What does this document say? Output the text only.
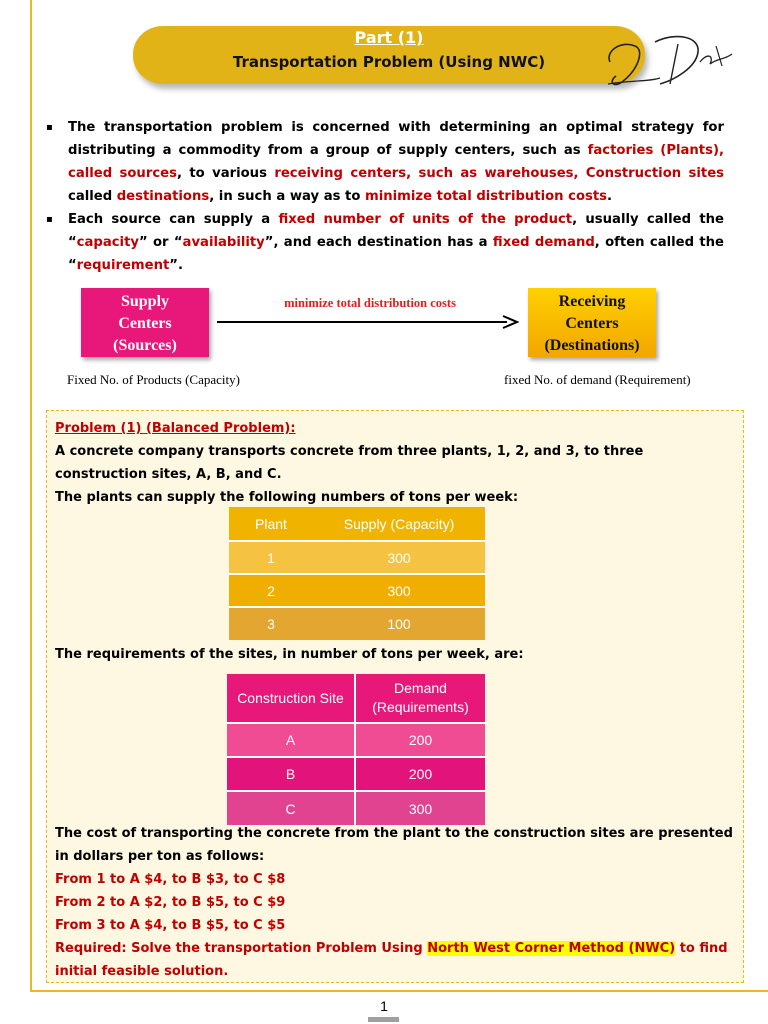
Part (1)
Transportation Problem (Using NWC)
▪	The transportation problem is concerned with determining an optimal strategy for distributing a commodity from a group of supply centers, such as factories (Plants), called sources, to various receiving centers, such as warehouses, Construction sites called destinations, in such a way as to minimize total distribution costs.
▪	Each source can supply a fixed number of units of the product, usually called the “capacity” or “availability”, and each destination has a fixed demand, often called the “requirement”.
Supply
Centers
(Sources)
minimize total distribution costs	Receiving
Centers
(Destinations)
Fixed No. of Products (Capacity)	fixed No. of demand (Requirement)
Problem (1) (Balanced Problem):
A concrete company transports concrete from three plants, 1, 2, and 3, to three construction sites, A, B, and C.
The plants can supply the following numbers of tons per week:
Plant	Supply (Capacity)
1	300
2	300
3	100
The requirements of the sites, in number of tons per week, are:
Construction Site	Demand (Requirements)
A	200
B	200
C	300
The cost of transporting the concrete from the plant to the construction sites are presented in dollars per ton as follows:
From 1 to A $4, to B $3, to C $8
From 2 to A $2, to B $5, to C $9
From 3 to A $4, to B $5, to C $5
Required: Solve the transportation Problem Using North West Corner Method (NWC) to find initial feasible solution.
1
